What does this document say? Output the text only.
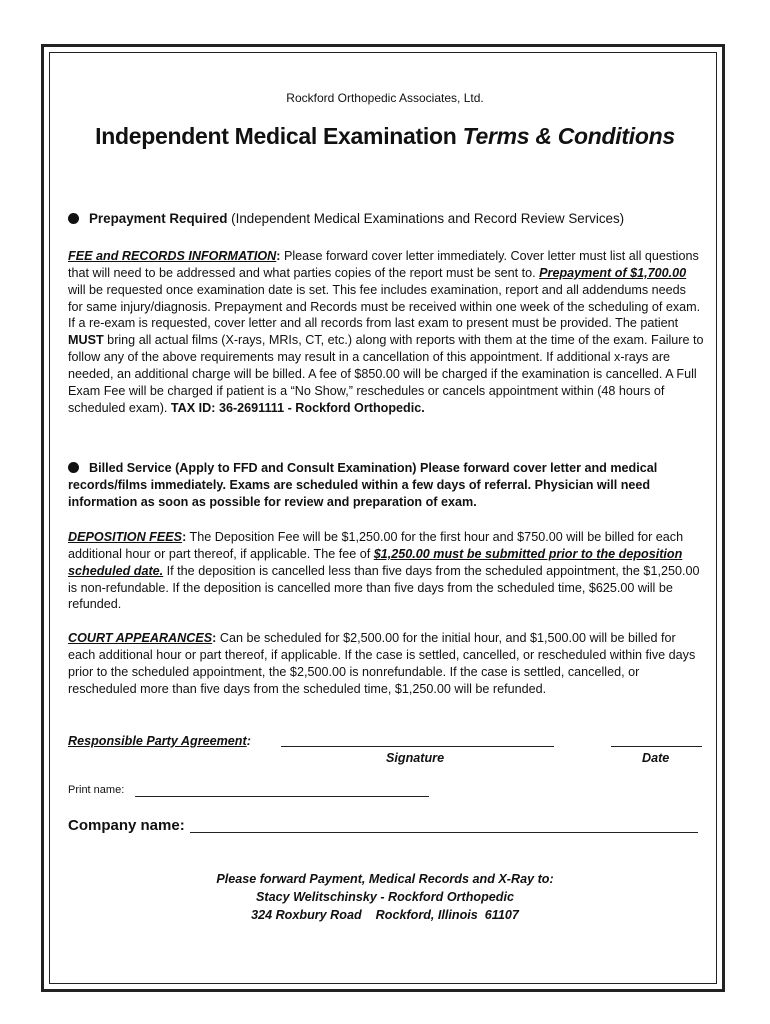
Rockford Orthopedic Associates, Ltd.
Independent Medical Examination Terms & Conditions
Prepayment Required (Independent Medical Examinations and Record Review Services)
FEE and RECORDS INFORMATION: Please forward cover letter immediately. Cover letter must list all questions that will need to be addressed and what parties copies of the report must be sent to. Prepayment of $1,700.00 will be requested once examination date is set. This fee includes examination, report and all addendums needs for same injury/diagnosis. Prepayment and Records must be received within one week of the scheduling of exam. If a re-exam is requested, cover letter and all records from last exam to present must be provided. The patient MUST bring all actual films (X-rays, MRIs, CT, etc.) along with reports with them at the time of the exam. Failure to follow any of the above requirements may result in a cancellation of this appointment. If additional x-rays are needed, an additional charge will be billed. A fee of $850.00 will be charged if the examination is cancelled. A Full Exam Fee will be charged if patient is a “No Show,” reschedules or cancels appointment within (48 hours of scheduled exam). TAX ID: 36-2691111 - Rockford Orthopedic.
Billed Service (Apply to FFD and Consult Examination) Please forward cover letter and medical records/films immediately. Exams are scheduled within a few days of referral. Physician will need information as soon as possible for review and preparation of exam.
DEPOSITION FEES: The Deposition Fee will be $1,250.00 for the first hour and $750.00 will be billed for each additional hour or part thereof, if applicable. The fee of $1,250.00 must be submitted prior to the deposition scheduled date. If the deposition is cancelled less than five days from the scheduled appointment, the $1,250.00 is non-refundable. If the deposition is cancelled more than five days from the scheduled time, $625.00 will be refunded.
COURT APPEARANCES: Can be scheduled for $2,500.00 for the initial hour, and $1,500.00 will be billed for each additional hour or part thereof, if applicable. If the case is settled, cancelled, or rescheduled within five days prior to the scheduled appointment, the $2,500.00 is nonrefundable. If the case is settled, cancelled, or rescheduled more than five days from the scheduled time, $1,250.00 will be refunded.
Responsible Party Agreement:
Signature	Date
Print name:
Company name:
Please forward Payment, Medical Records and X-Ray to:
Stacy Welitschinsky - Rockford Orthopedic
324 Roxbury Road    Rockford, Illinois  61107
